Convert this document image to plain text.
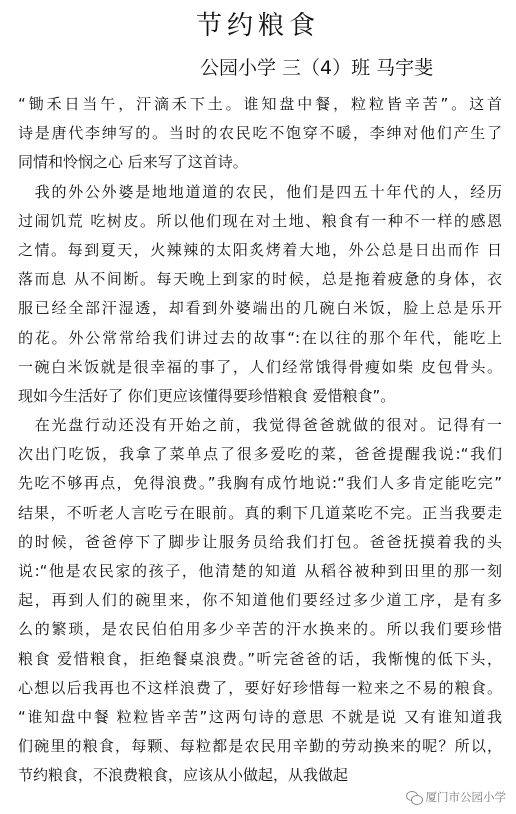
节约粮食
公园小学 三（4）班 马宇斐
“锄禾日当午，汗滴禾下土。谁知盘中餐，粒粒皆辛苦”。这首
诗是唐代李绅写的。当时的农民吃不饱穿不暖，李绅对他们产生了
同情和怜悯之心 后来写了这首诗。
　我的外公外婆是地地道道的农民，他们是四五十年代的人，经历
过闹饥荒 吃树皮。所以他们现在对土地、粮食有一种不一样的感恩
之情。每到夏天，火辣辣的太阳炙烤着大地，外公总是日出而作 日
落而息 从不间断。每天晚上到家的时候，总是拖着疲惫的身体，衣
服已经全部汗湿透，却看到外婆端出的几碗白米饭，脸上总是乐开
的花。外公常常给我们讲过去的故事“:在以往的那个年代，能吃上
一碗白米饭就是很幸福的事了，人们经常饿得骨瘦如柴 皮包骨头。
现如今生活好了 你们更应该懂得要珍惜粮食 爱惜粮食”。
　在光盘行动还没有开始之前，我觉得爸爸就做的很对。记得有一
次出门吃饭，我拿了菜单点了很多爱吃的菜，爸爸提醒我说:“我们
先吃不够再点，免得浪费。”我胸有成竹地说:“我们人多肯定能吃完”
结果，不听老人言吃亏在眼前。真的剩下几道菜吃不完。正当我要走
的时候，爸爸停下了脚步让服务员给我们打包。爸爸抚摸着我的头
说:“他是农民家的孩子，他清楚的知道 从稻谷被种到田里的那一刻
起，再到人们的碗里来，你不知道他们要经过多少道工序，是有多
么的繁琐，是农民伯伯用多少辛苦的汗水换来的。所以我们要珍惜
粮食 爱惜粮食，拒绝餐桌浪费。”听完爸爸的话，我惭愧的低下头，
心想以后我再也不这样浪费了，要好好珍惜每一粒来之不易的粮食。
“谁知盘中餐 粒粒皆辛苦”这两句诗的意思 不就是说 又有谁知道我
们碗里的粮食，每颗、每粒都是农民用辛勤的劳动换来的呢？所以，
节约粮食，不浪费粮食，应该从小做起，从我做起
厦门市公园小学
